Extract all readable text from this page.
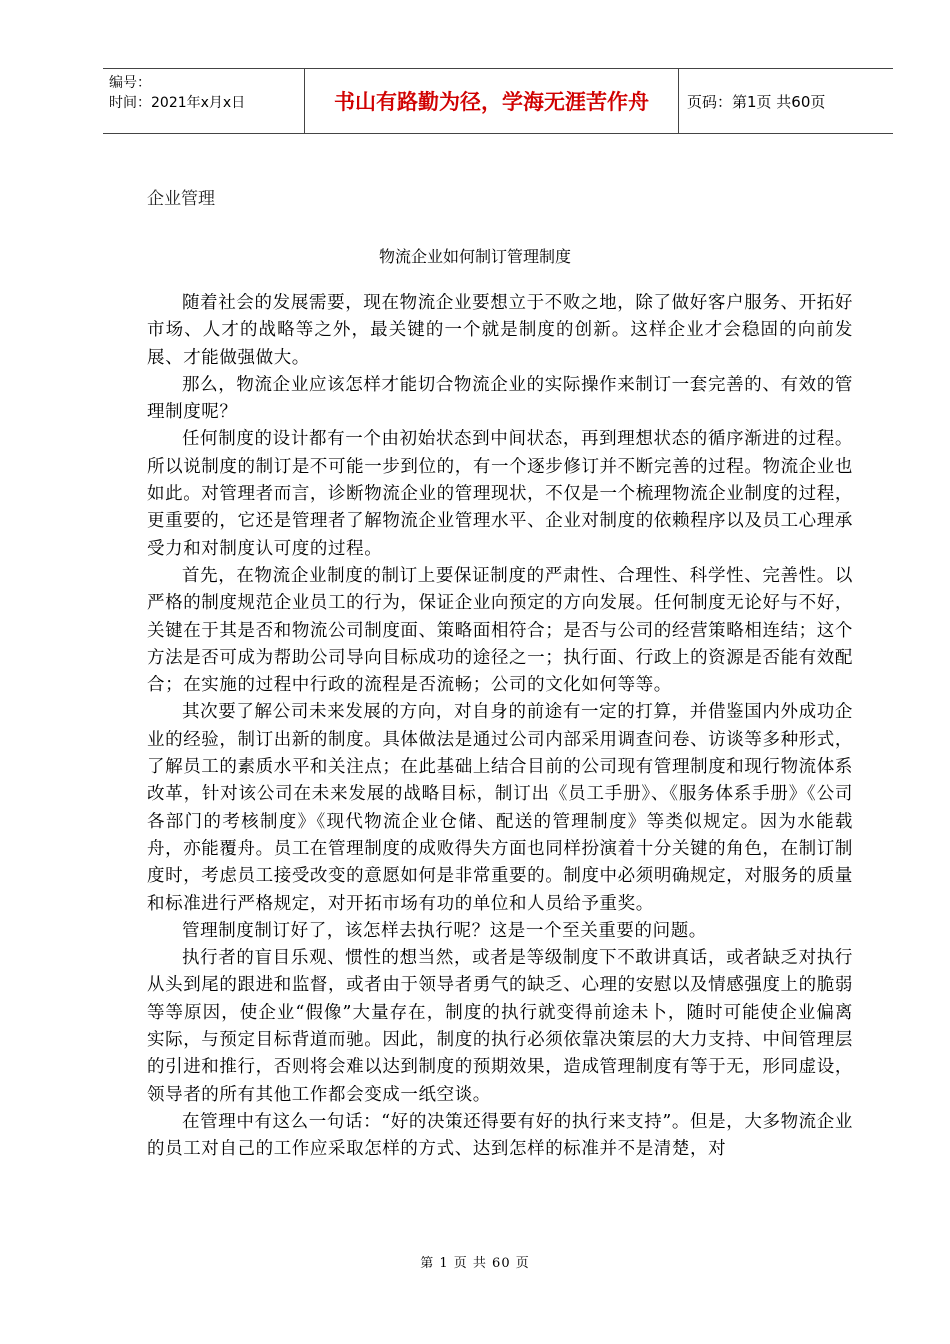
编号：
时间：2021年x月x日	书山有路勤为径，学海无涯苦作舟	页码：第1页 共60页
企业管理
物流企业如何制订管理制度

随着社会的发展需要，现在物流企业要想立于不败之地，除了做好客户服务、开拓好市场、人才的战略等之外，最关键的一个就是制度的创新。这样企业才会稳固的向前发展、才能做强做大。

那么，物流企业应该怎样才能切合物流企业的实际操作来制订一套完善的、有效的管理制度呢？

任何制度的设计都有一个由初始状态到中间状态，再到理想状态的循序渐进的过程。所以说制度的制订是不可能一步到位的，有一个逐步修订并不断完善的过程。物流企业也如此。对管理者而言，诊断物流企业的管理现状，不仅是一个梳理物流企业制度的过程，更重要的，它还是管理者了解物流企业管理水平、企业对制度的依赖程序以及员工心理承受力和对制度认可度的过程。

首先，在物流企业制度的制订上要保证制度的严肃性、合理性、科学性、完善性。以严格的制度规范企业员工的行为，保证企业向预定的方向发展。任何制度无论好与不好，关键在于其是否和物流公司制度面、策略面相符合；是否与公司的经营策略相连结；这个方法是否可成为帮助公司导向目标成功的途径之一；执行面、行政上的资源是否能有效配合；在实施的过程中行政的流程是否流畅；公司的文化如何等等。

其次要了解公司未来发展的方向，对自身的前途有一定的打算，并借鉴国内外成功企业的经验，制订出新的制度。具体做法是通过公司内部采用调查问卷、访谈等多种形式，了解员工的素质水平和关注点；在此基础上结合目前的公司现有管理制度和现行物流体系改革，针对该公司在未来发展的战略目标，制订出《员工手册》、《服务体系手册》《公司各部门的考核制度》《现代物流企业仓储、配送的管理制度》等类似规定。因为水能载舟，亦能覆舟。员工在管理制度的成败得失方面也同样扮演着十分关键的角色，在制订制度时，考虑员工接受改变的意愿如何是非常重要的。制度中必须明确规定，对服务的质量和标准进行严格规定，对开拓市场有功的单位和人员给予重奖。

管理制度制订好了，该怎样去执行呢？这是一个至关重要的问题。

执行者的盲目乐观、惯性的想当然，或者是等级制度下不敢讲真话，或者缺乏对执行从头到尾的跟进和监督，或者由于领导者勇气的缺乏、心理的安慰以及情感强度上的脆弱等等原因，使企业“假像”大量存在，制度的执行就变得前途未卜，随时可能使企业偏离实际，与预定目标背道而驰。因此，制度的执行必须依靠决策层的大力支持、中间管理层的引进和推行，否则将会难以达到制度的预期效果，造成管理制度有等于无，形同虚设，领导者的所有其他工作都会变成一纸空谈。

在管理中有这么一句话：“好的决策还得要有好的执行来支持”。但是，大多物流企业的员工对自己的工作应采取怎样的方式、达到怎样的标准并不是清楚，对

第 1 页 共 60 页
